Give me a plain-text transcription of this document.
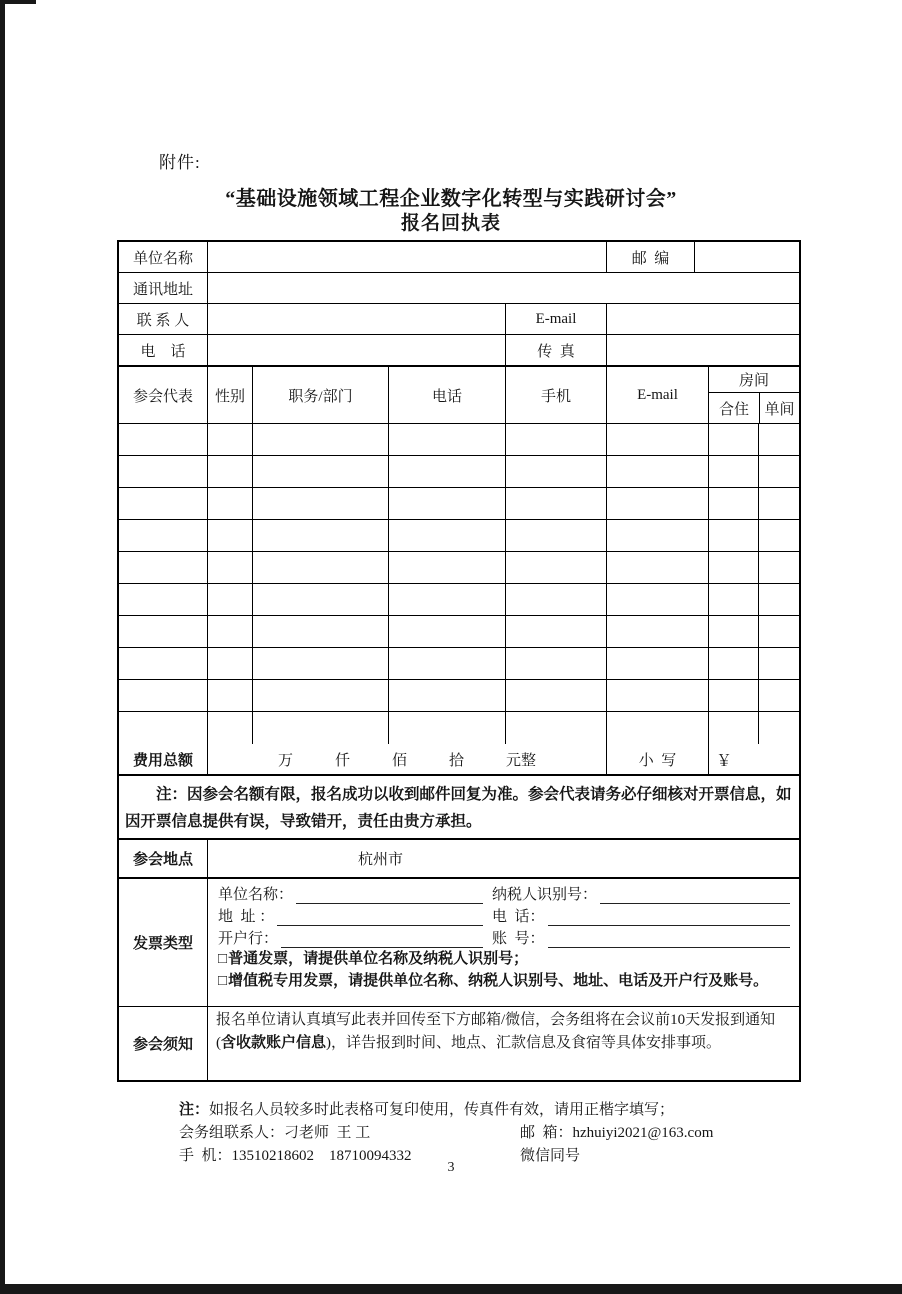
附件:
“基础设施领域工程企业数字化转型与实践研讨会”
报名回执表
单位名称	邮  编
通讯地址
联 系 人	E-mail
电    话	传  真
参会代表	性别	职务/部门	电话	手机	E-mail
房间
合住	单间
费用总额	万	仟	佰	拾	元整	小  写	￥
注：因参会名额有限，报名成功以收到邮件回复为准。参会代表请务必仔细核对开票信息，如因开票信息提供有误，导致错开，责任由贵方承担。
参会地点	杭州市
发票类型
单位名称：	纳税人识别号：
地  址 ：	电  话：
开户行：	账  号：
□普通发票，请提供单位名称及纳税人识别号；
□增值税专用发票，请提供单位名称、纳税人识别号、地址、电话及开户行及账号。
参会须知
报名单位请认真填写此表并回传至下方邮箱/微信，会务组将在会议前10天发报到通知(含收款账户信息)，详告报到时间、地点、汇款信息及食宿等具体安排事项。

注：如报名人员较多时此表格可复印使用，传真件有效，请用正楷字填写；

会务组联系人：刁老师  王 工	邮  箱：hzhuiyi2021@163.com

手  机：13510218602    18710094332	微信同号

3
